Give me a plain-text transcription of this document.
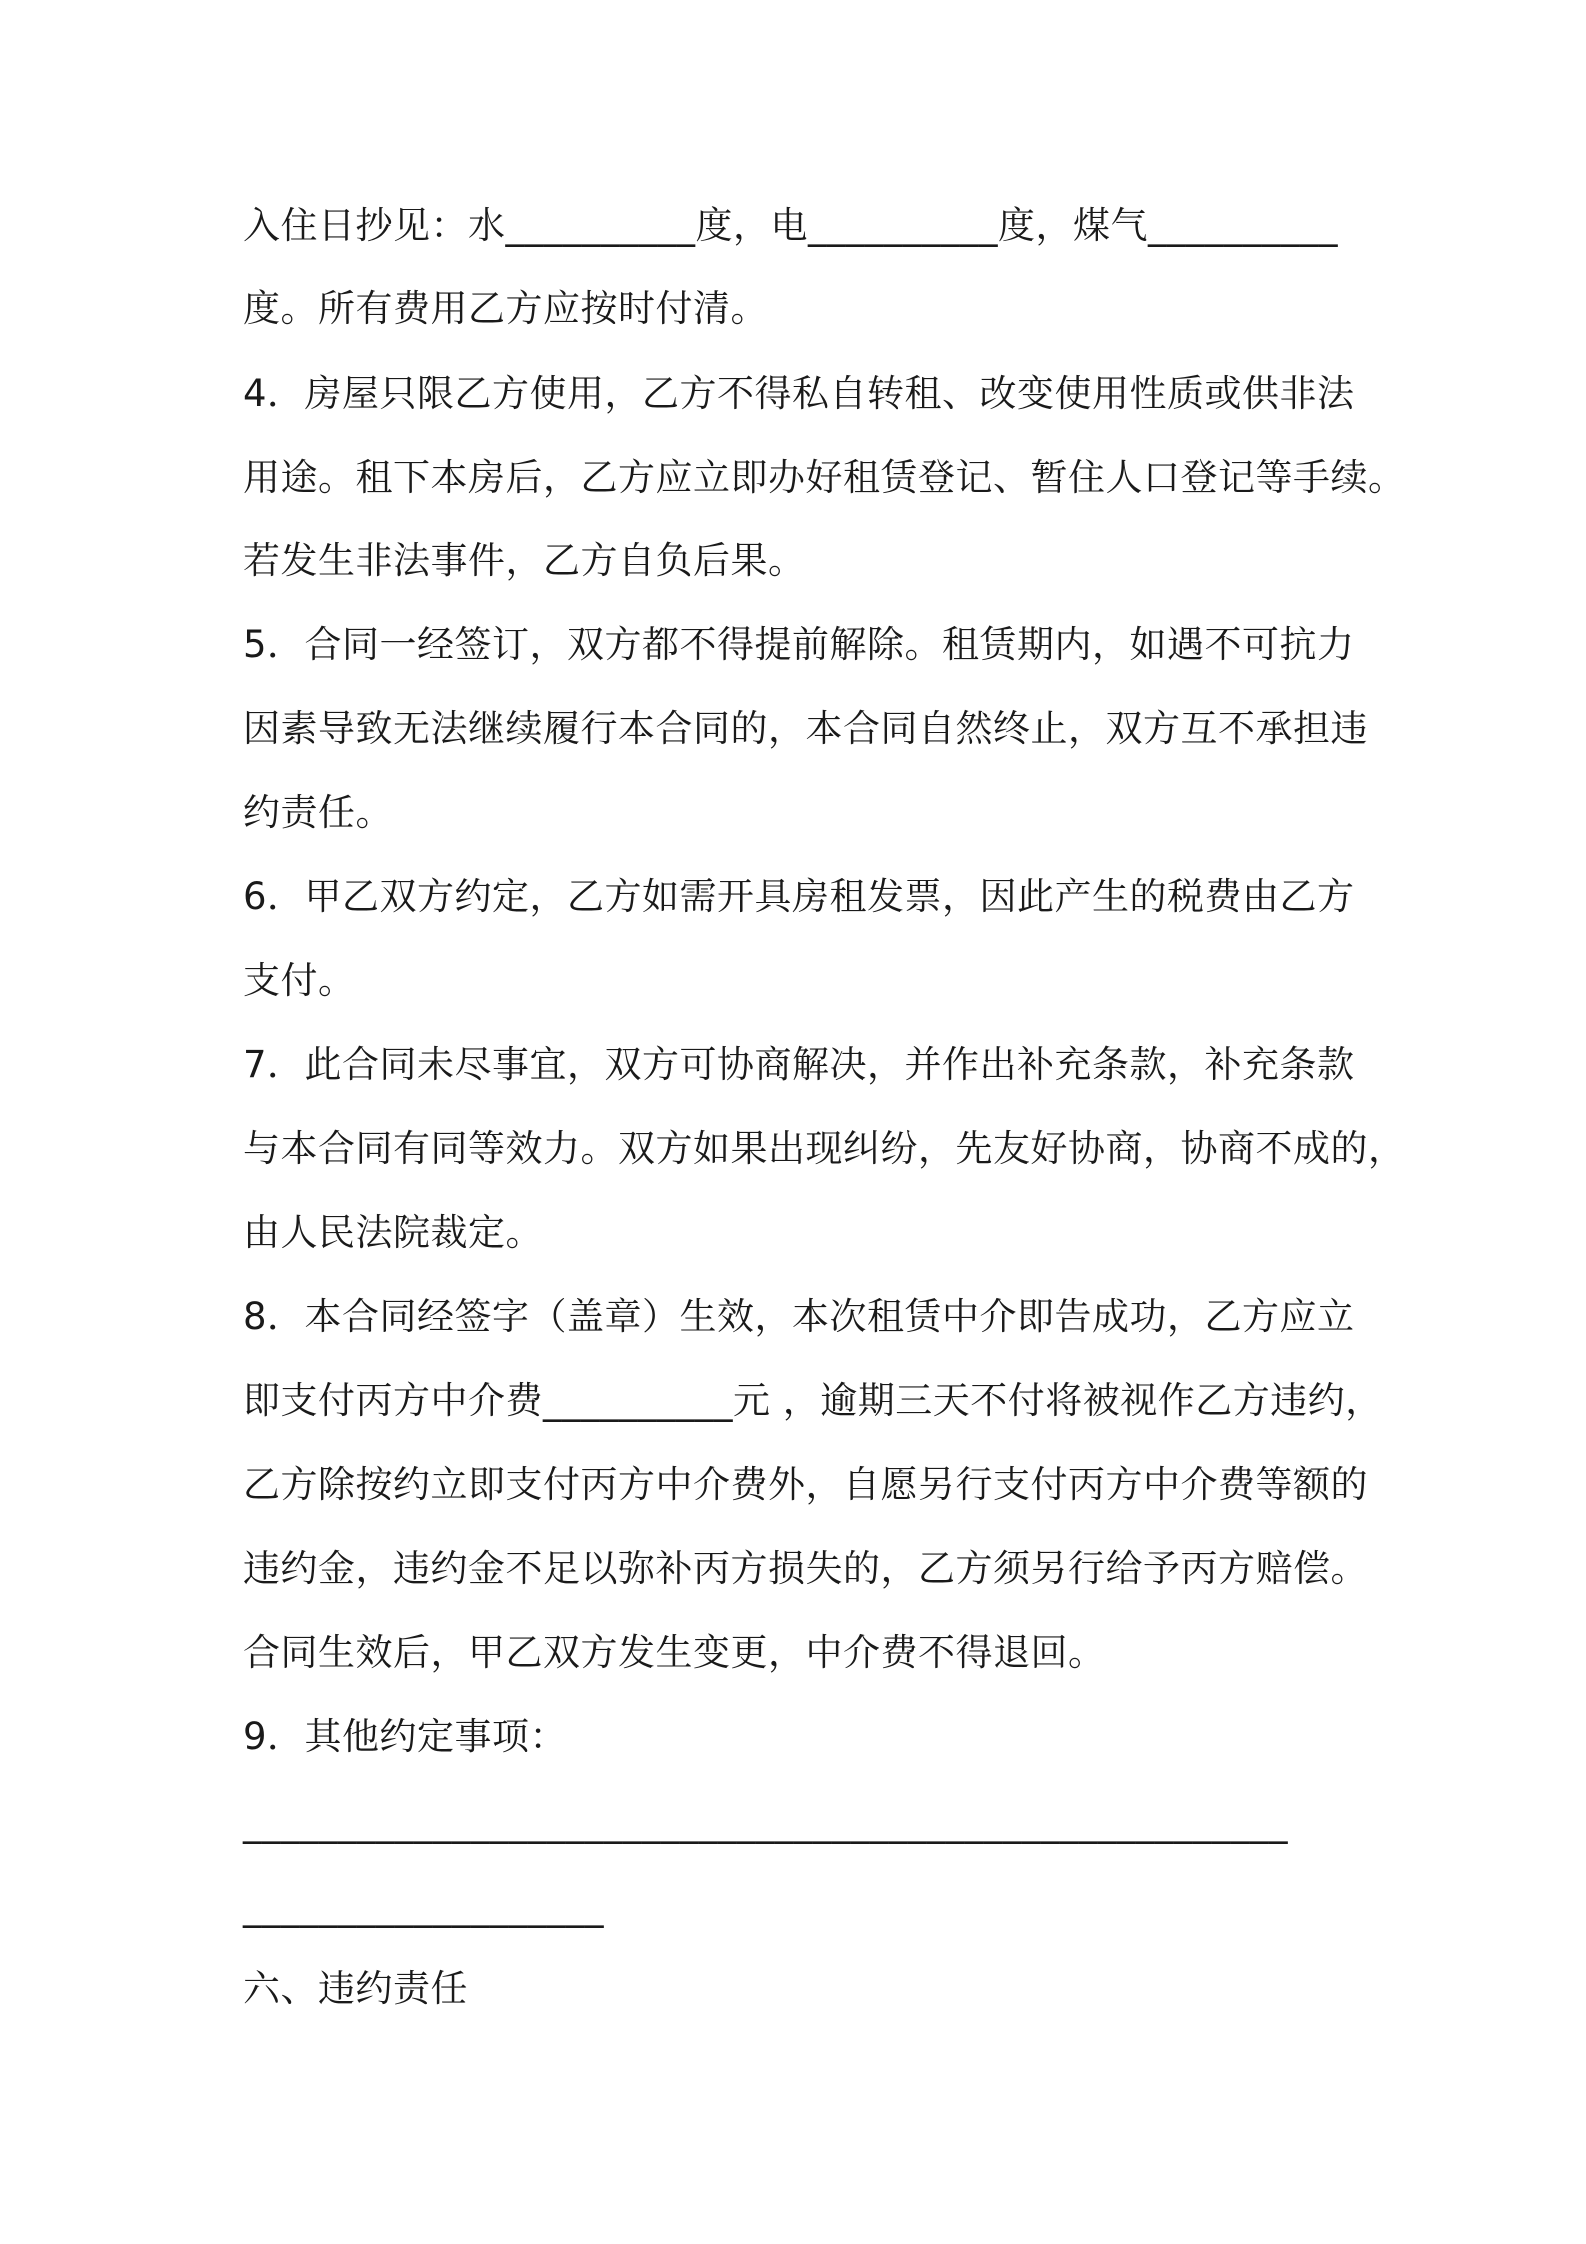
入住日抄见：水__________度，电__________度，煤气__________
度。所有费用乙方应按时付清。
4．房屋只限乙方使用，乙方不得私自转租、改变使用性质或供非法
用途。租下本房后，乙方应立即办好租赁登记、暂住人口登记等手续。
若发生非法事件，乙方自负后果。
5．合同一经签订，双方都不得提前解除。租赁期内，如遇不可抗力
因素导致无法继续履行本合同的，本合同自然终止，双方互不承担违
约责任。
6．甲乙双方约定，乙方如需开具房租发票，因此产生的税费由乙方
支付。
7．此合同未尽事宜，双方可协商解决，并作出补充条款，补充条款
与本合同有同等效力。双方如果出现纠纷，先友好协商，协商不成的，
由人民法院裁定。
8．本合同经签字（盖章）生效，本次租赁中介即告成功，乙方应立
即支付丙方中介费__________元 ，逾期三天不付将被视作乙方违约，
乙方除按约立即支付丙方中介费外，自愿另行支付丙方中介费等额的
违约金，违约金不足以弥补丙方损失的，乙方须另行给予丙方赔偿。
合同生效后，甲乙双方发生变更，中介费不得退回。
9．其他约定事项：
_______________________________________________________
___________________
六、违约责任
